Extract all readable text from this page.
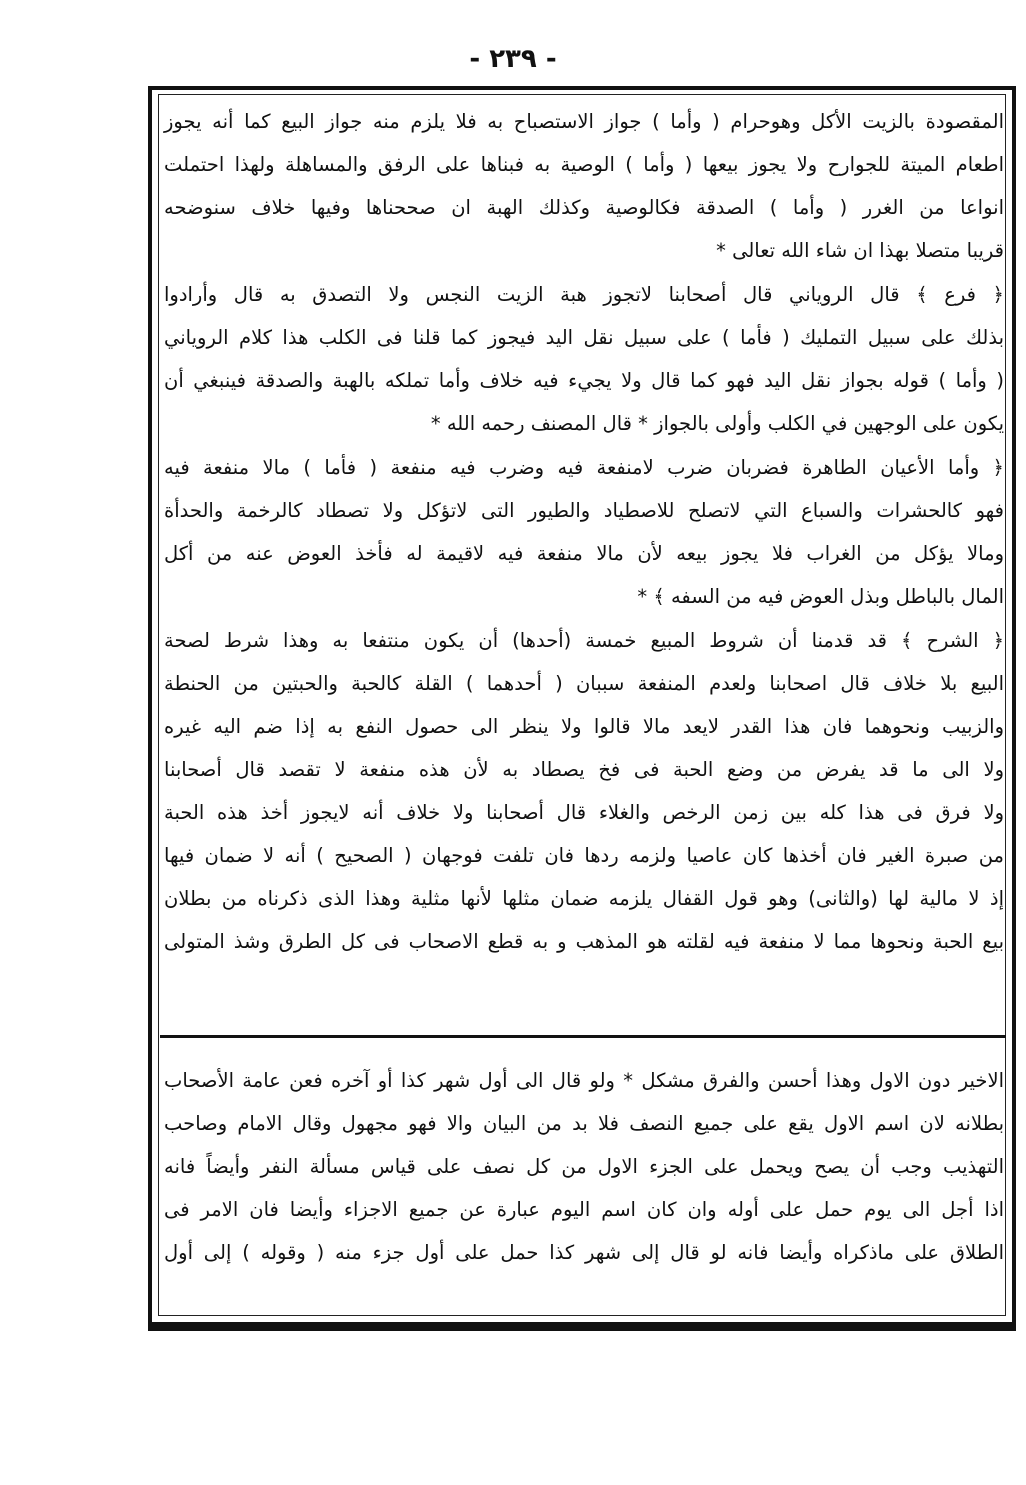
- ٢٣٩ -
المقصودة بالزيت الأكل وهوحرام ( وأما ) جواز الاستصباح به فلا يلزم منه جواز البيع كما أنه يجوز
اطعام الميتة للجوارح ولا يجوز بيعها ( وأما ) الوصية به فبناها على الرفق والمساهلة ولهذا احتملت
انواعا من الغرر ( وأما ) الصدقة فكالوصية وكذلك الهبة ان صححناها وفيها خلاف سنوضحه
قريبا متصلا بهذا ان شاء الله تعالى *
﴿ فرع ﴾ قال الروياني قال أصحابنا لاتجوز هبة الزيت النجس ولا التصدق به قال وأرادوا
بذلك على سبيل التمليك ( فأما ) على سبيل نقل اليد فيجوز كما قلنا فى الكلب هذا كلام الروياني
( وأما ) قوله بجواز نقل اليد فهو كما قال ولا يجيء فيه خلاف وأما تملكه بالهبة والصدقة فينبغي أن
يكون على الوجهين في الكلب وأولى بالجواز * قال المصنف رحمه الله *
﴿ وأما الأعيان الطاهرة فضربان ضرب لامنفعة فيه وضرب فيه منفعة ( فأما ) مالا منفعة فيه
فهو كالحشرات والسباع التي لاتصلح للاصطياد والطيور التى لاتؤكل ولا تصطاد كالرخمة والحدأة
ومالا يؤكل من الغراب فلا يجوز بيعه لأن مالا منفعة فيه لاقيمة له فأخذ العوض عنه من أكل
المال بالباطل وبذل العوض فيه من السفه ﴾ *
﴿ الشرح ﴾ قد قدمنا أن شروط المبيع خمسة (أحدها) أن يكون منتفعا به وهذا شرط لصحة
البيع بلا خلاف قال اصحابنا ولعدم المنفعة سببان ( أحدهما ) القلة كالحبة والحبتين من الحنطة
والزبيب ونحوهما فان هذا القدر لايعد مالا قالوا ولا ينظر الى حصول النفع به إذا ضم اليه غيره
ولا الى ما قد يفرض من وضع الحبة فى فخ يصطاد به لأن هذه منفعة لا تقصد قال أصحابنا
ولا فرق فى هذا كله بين زمن الرخص والغلاء قال أصحابنا ولا خلاف أنه لايجوز أخذ هذه الحبة
من صبرة الغير فان أخذها كان عاصيا ولزمه ردها فان تلفت فوجهان ( الصحيح ) أنه لا ضمان فيها
إذ لا مالية لها (والثانى) وهو قول القفال يلزمه ضمان مثلها لأنها مثلية وهذا الذى ذكرناه من بطلان
بيع الحبة ونحوها مما لا منفعة فيه لقلته هو المذهب و به قطع الاصحاب فى كل الطرق وشذ المتولى
الاخير دون الاول وهذا أحسن والفرق مشكل * ولو قال الى أول شهر كذا أو آخره فعن عامة الأصحاب
بطلانه لان اسم الاول يقع على جميع النصف فلا بد من البيان والا فهو مجهول وقال الامام وصاحب
التهذيب وجب أن يصح ويحمل على الجزء الاول من كل نصف على قياس مسألة النفر وأيضاً فانه
اذا أجل الى يوم حمل على أوله وان كان اسم اليوم عبارة عن جميع الاجزاء وأيضا فان الامر فى
الطلاق على ماذكراه وأيضا فانه لو قال إلى شهر كذا حمل على أول جزء منه ( وقوله ) إلى أول
